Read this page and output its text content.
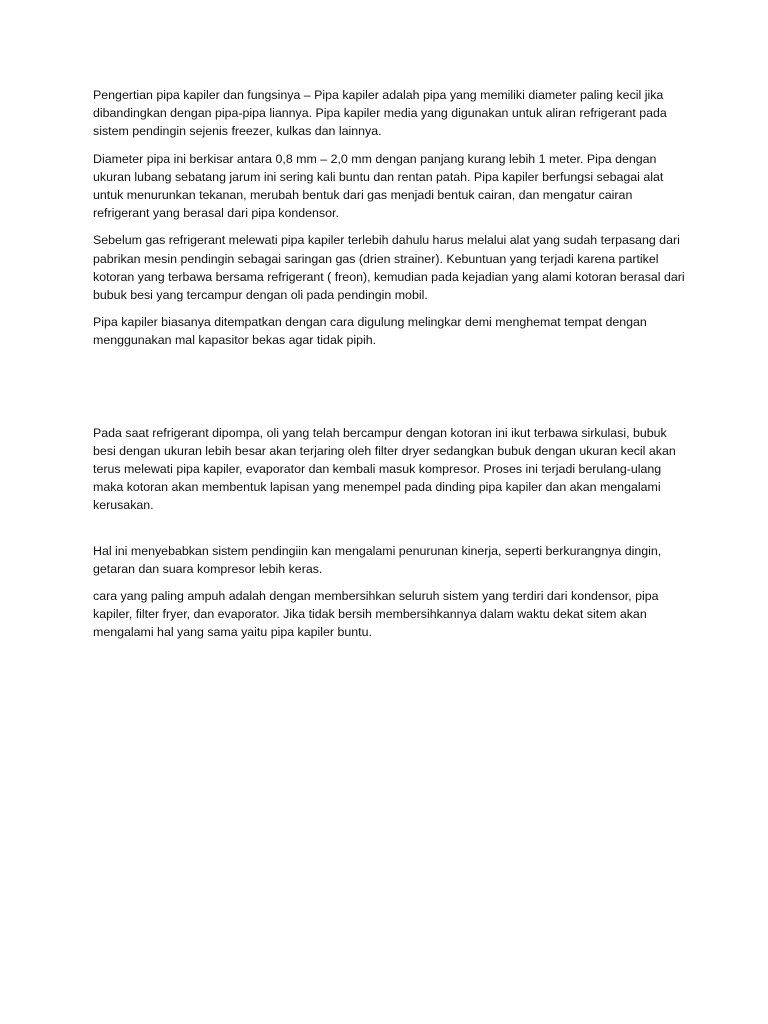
Pengertian pipa kapiler dan fungsinya – Pipa kapiler adalah pipa yang memiliki diameter paling kecil jika dibandingkan dengan pipa-pipa liannya. Pipa kapiler media yang digunakan untuk aliran refrigerant pada sistem pendingin sejenis freezer, kulkas dan lainnya.

Diameter pipa ini berkisar antara 0,8 mm – 2,0 mm dengan panjang kurang lebih 1 meter. Pipa dengan ukuran lubang sebatang jarum ini sering kali buntu dan rentan patah. Pipa kapiler berfungsi sebagai alat untuk menurunkan tekanan, merubah bentuk dari gas menjadi bentuk cairan, dan mengatur cairan refrigerant yang berasal dari pipa kondensor.

Sebelum gas refrigerant melewati pipa kapiler terlebih dahulu harus melalui alat yang sudah terpasang dari pabrikan mesin pendingin sebagai saringan gas (drien strainer). Kebuntuan yang terjadi karena partikel kotoran yang terbawa bersama refrigerant ( freon), kemudian pada kejadian yang alami kotoran berasal dari bubuk besi yang tercampur dengan oli pada pendingin mobil.

Pipa kapiler biasanya ditempatkan dengan cara digulung melingkar demi menghemat tempat dengan menggunakan mal kapasitor bekas agar tidak pipih.

Pada saat refrigerant dipompa, oli yang telah bercampur dengan kotoran ini ikut terbawa sirkulasi, bubuk besi dengan ukuran lebih besar akan terjaring oleh filter dryer sedangkan bubuk dengan ukuran kecil akan terus melewati pipa kapiler, evaporator dan kembali masuk kompresor. Proses ini terjadi berulang-ulang maka kotoran akan membentuk lapisan yang menempel pada dinding pipa kapiler dan akan mengalami kerusakan.

Hal ini menyebabkan sistem pendingiin kan mengalami penurunan kinerja, seperti berkurangnya dingin, getaran dan suara kompresor lebih keras.

cara yang paling ampuh adalah dengan membersihkan seluruh sistem yang terdiri dari kondensor, pipa kapiler, filter fryer, dan evaporator. Jika tidak bersih membersihkannya dalam waktu dekat sitem akan mengalami hal yang sama yaitu pipa kapiler buntu.
